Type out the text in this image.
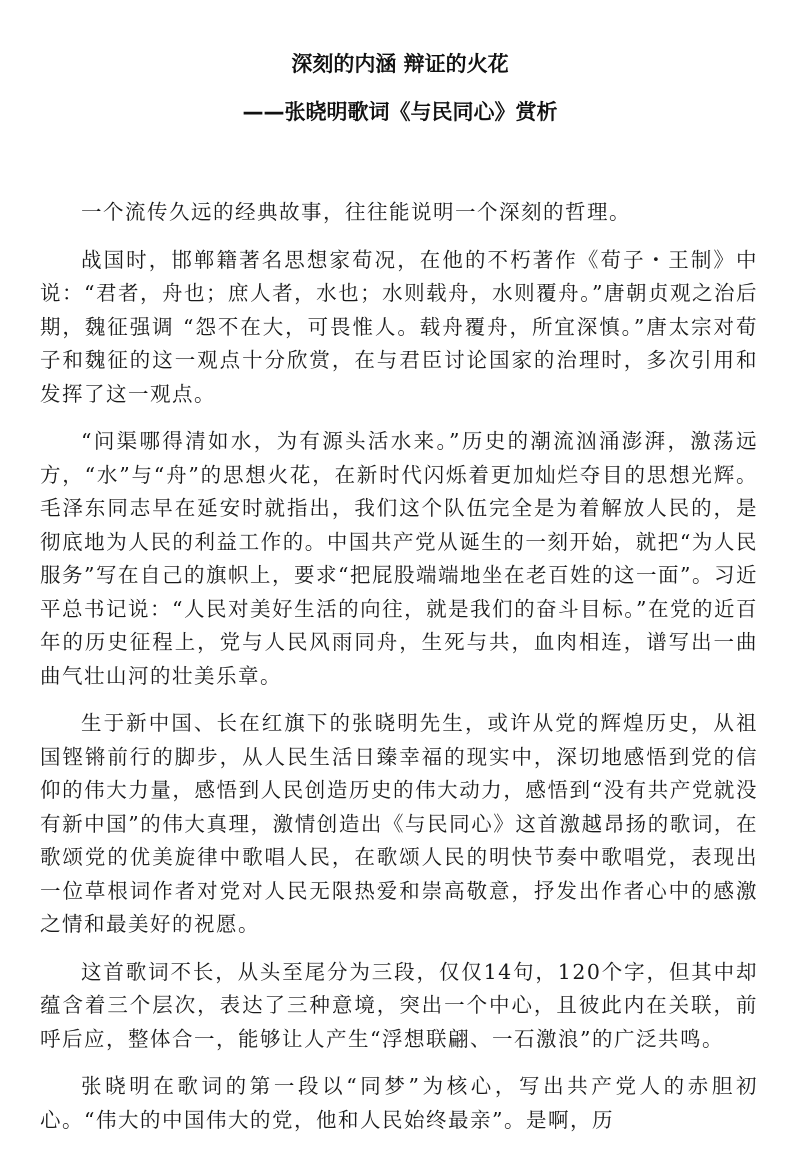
深刻的内涵 辩证的火花
——张晓明歌词《与民同心》赏析

一个流传久远的经典故事，往往能说明一个深刻的哲理。

战国时，邯郸籍著名思想家荀况，在他的不朽著作《荀子・王制》中说：“君者，舟也；庶人者，水也；水则载舟，水则覆舟。”唐朝贞观之治后期，魏征强调 “怨不在大，可畏惟人。载舟覆舟，所宜深慎。”唐太宗对荀子和魏征的这一观点十分欣赏，在与君臣讨论国家的治理时，多次引用和发挥了这一观点。

“问渠哪得清如水，为有源头活水来。”历史的潮流汹涌澎湃，激荡远方，“水”与“舟”的思想火花，在新时代闪烁着更加灿烂夺目的思想光辉。毛泽东同志早在延安时就指出，我们这个队伍完全是为着解放人民的，是彻底地为人民的利益工作的。中国共产党从诞生的一刻开始，就把“为人民服务”写在自己的旗帜上，要求“把屁股端端地坐在老百姓的这一面”。习近平总书记说：“人民对美好生活的向往，就是我们的奋斗目标。”在党的近百年的历史征程上，党与人民风雨同舟，生死与共，血肉相连，谱写出一曲曲气壮山河的壮美乐章。

生于新中国、长在红旗下的张晓明先生，或许从党的辉煌历史，从祖国铿锵前行的脚步，从人民生活日臻幸福的现实中，深切地感悟到党的信仰的伟大力量，感悟到人民创造历史的伟大动力，感悟到“没有共产党就没有新中国”的伟大真理，激情创造出《与民同心》这首激越昂扬的歌词，在歌颂党的优美旋律中歌唱人民，在歌颂人民的明快节奏中歌唱党，表现出一位草根词作者对党对人民无限热爱和崇高敬意，抒发出作者心中的感激之情和最美好的祝愿。

这首歌词不长，从头至尾分为三段，仅仅14句，120个字，但其中却蕴含着三个层次，表达了三种意境，突出一个中心，且彼此内在关联，前呼后应，整体合一，能够让人产生“浮想联翩、一石激浪”的广泛共鸣。

张晓明在歌词的第一段以“同梦”为核心，写出共产党人的赤胆初心。“伟大的中国伟大的党，他和人民始终最亲”。是啊，历
